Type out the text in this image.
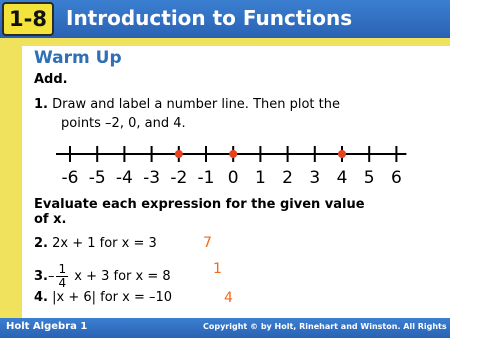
1-8 Introduction to Functions
Warm Up
Add.
1. Draw and label a number line. Then plot the
points –2, 0, and 4.
-6 -5 -4 -3 -2 -1 0 1 2 3 4 5 6
Evaluate each expression for the given value
of x.
2. 2x + 1 for x = 3	7
$3.- \frac{1}{4}$ x + 3 for x = 8	1
4. |x + 6| for x = –10	4
Holt Algebra 1	Copyright © by Holt, Rinehart and Winston. All Rights Reserved.
